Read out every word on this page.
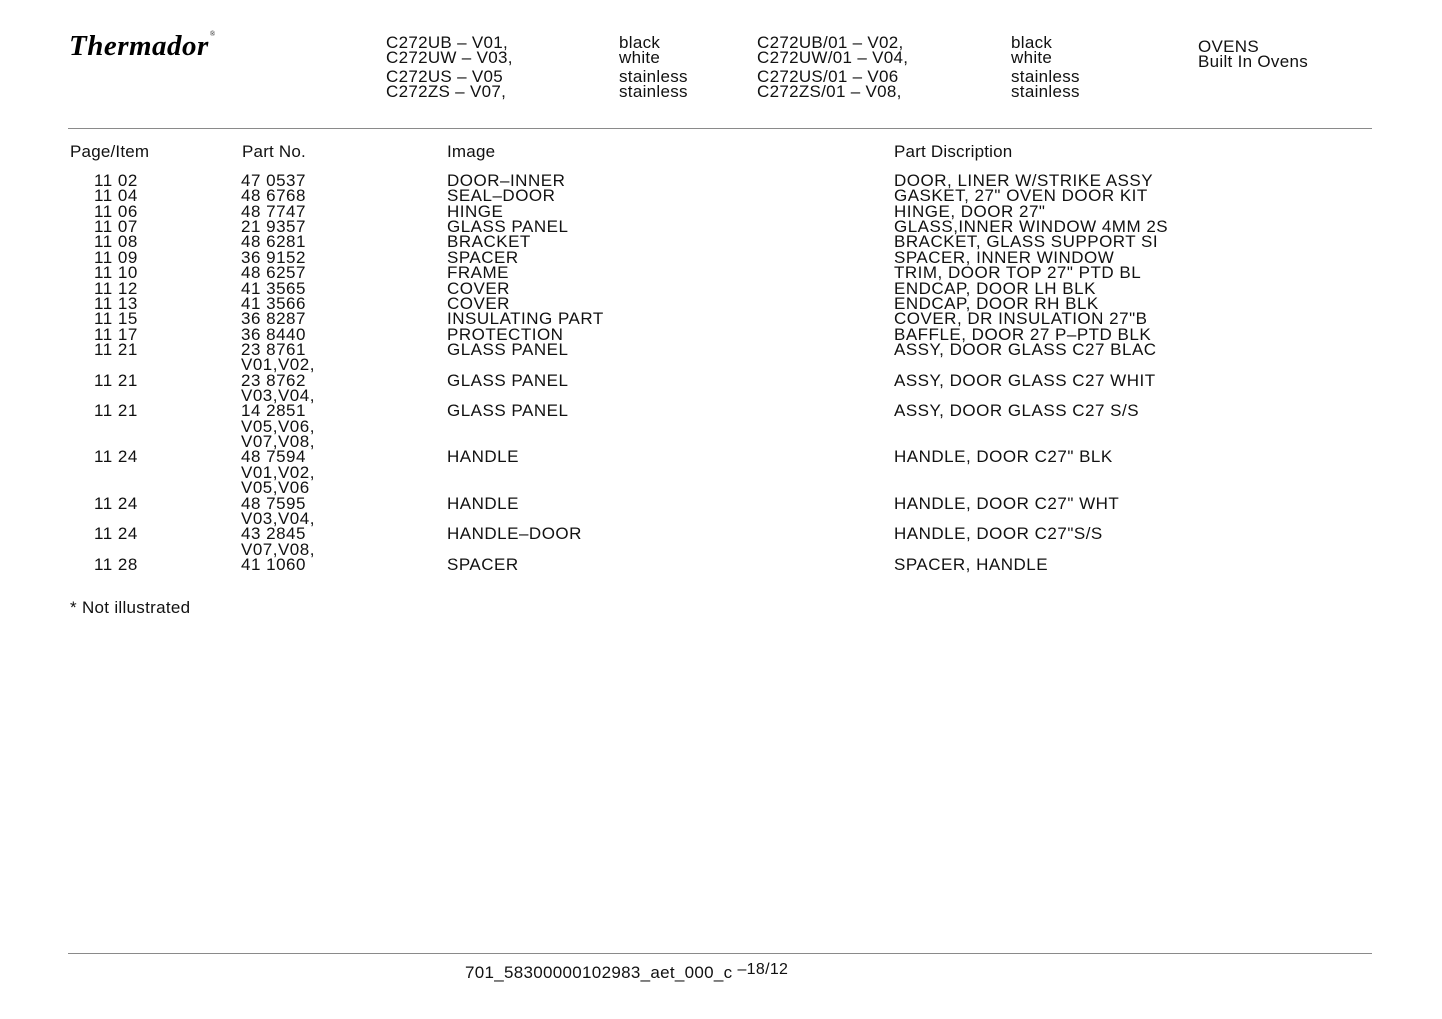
Thermador®	C272UB – V01,	black
C272UW – V03,	white
C272US – V05	stainless
C272ZS – V07,	stainless
C272UB/01 – V02,	black
C272UW/01 – V04,	white
C272US/01 – V06	stainless
C272ZS/01 – V08,	stainless
OVENS
Built In Ovens
Page/Item	Part No.	Image	Part Discription
11 02	47 0537	DOOR–INNER	DOOR, LINER W/STRIKE ASSY
11 04	48 6768	SEAL–DOOR	GASKET, 27" OVEN DOOR KIT
11 06	48 7747	HINGE	HINGE, DOOR 27"
11 07	21 9357	GLASS PANEL	GLASS,INNER WINDOW 4MM 2S
11 08	48 6281	BRACKET	BRACKET, GLASS SUPPORT SI
11 09	36 9152	SPACER	SPACER, INNER WINDOW
11 10	48 6257	FRAME	TRIM, DOOR TOP 27" PTD BL
11 12	41 3565	COVER	ENDCAP, DOOR LH BLK
11 13	41 3566	COVER	ENDCAP, DOOR RH BLK
11 15	36 8287	INSULATING PART	COVER, DR INSULATION 27"B
11 17	36 8440	PROTECTION	BAFFLE, DOOR 27 P–PTD BLK
11 21	23 8761	GLASS PANEL	ASSY, DOOR GLASS C27 BLAC
V01,V02,
11 21	23 8762	GLASS PANEL	ASSY, DOOR GLASS C27 WHIT
V03,V04,
11 21	14 2851	GLASS PANEL	ASSY, DOOR GLASS C27 S/S
V05,V06,
V07,V08,
11 24	48 7594	HANDLE	HANDLE, DOOR C27" BLK
V01,V02,
V05,V06
11 24	48 7595	HANDLE	HANDLE, DOOR C27" WHT
V03,V04,
11 24	43 2845	HANDLE–DOOR	HANDLE, DOOR C27"S/S
V07,V08,
11 28	41 1060	SPACER	SPACER, HANDLE
* Not illustrated
701_58300000102983_aet_000_c $^{-18/12}$
